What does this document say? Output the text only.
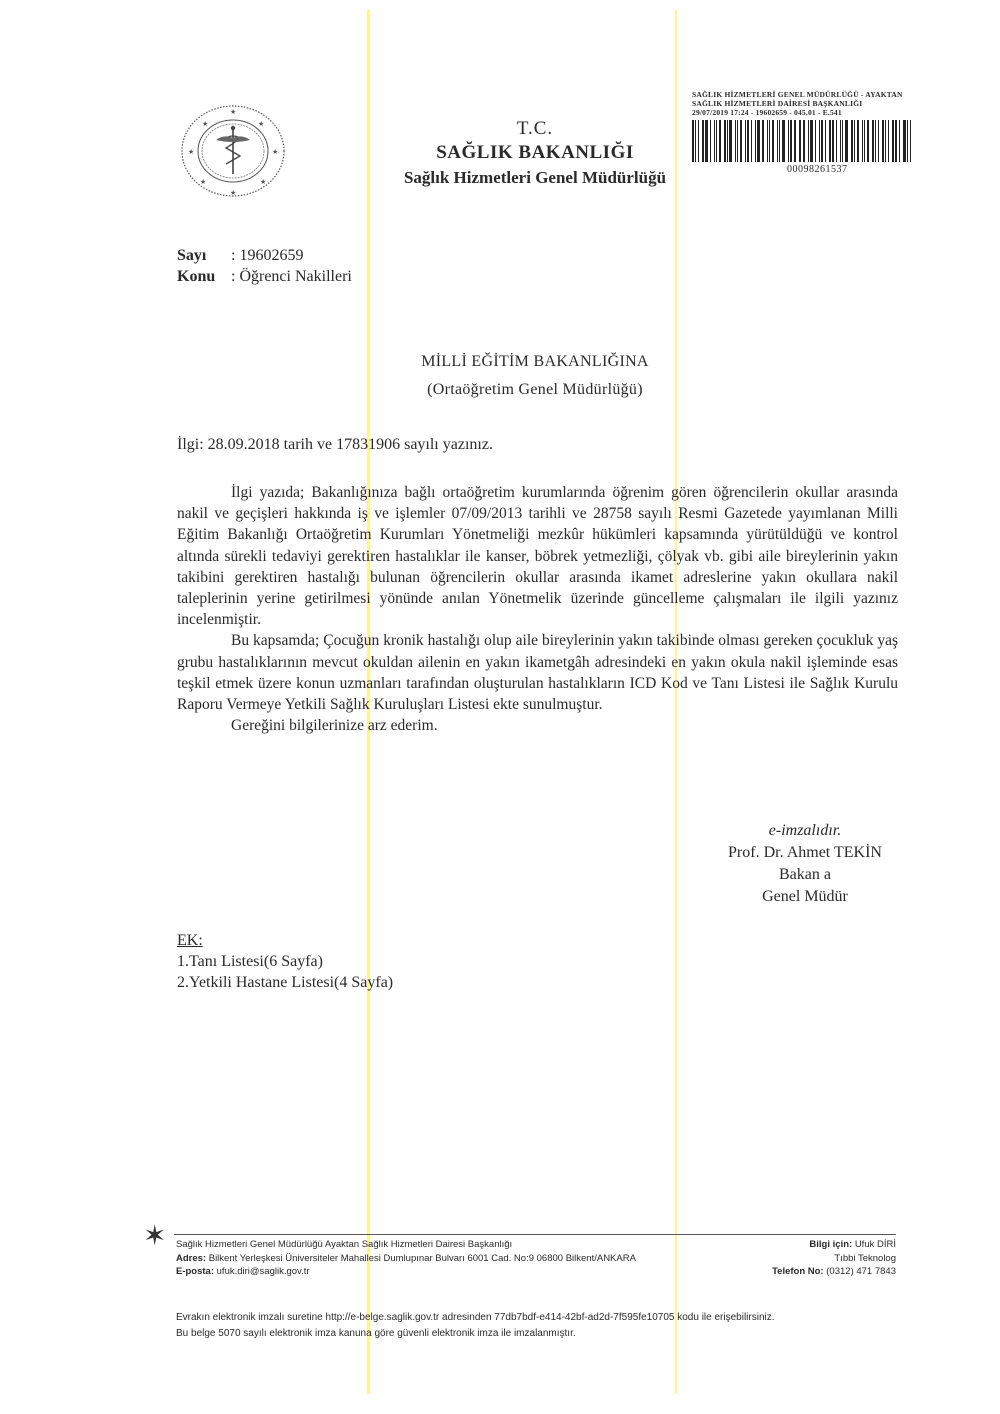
★
★	★
★	★
★	★
★
T.C.
SAĞLIK BAKANLIĞI
Sağlık Hizmetleri Genel Müdürlüğü
SAĞLIK HİZMETLERİ GENEL MÜDÜRLÜĞÜ - AYAKTAN
SAĞLIK HİZMETLERİ DAİRESİ BAŞKANLIĞI
29/07/2019 17:24 - 19602659 - 045.01 - E.541
00098261537
Sayı : 19602659
Konu : Öğrenci Nakilleri
MİLLİ EĞİTİM BAKANLIĞINA
(Ortaöğretim Genel Müdürlüğü)
İlgi: 28.09.2018 tarih ve 17831906 sayılı yazınız.

İlgi yazıda; Bakanlığınıza bağlı ortaöğretim kurumlarında öğrenim gören öğrencilerin okullar arasında nakil ve geçişleri hakkında iş ve işlemler 07/09/2013 tarihli ve 28758 sayılı Resmi Gazetede yayımlanan Milli Eğitim Bakanlığı Ortaöğretim Kurumları Yönetmeliği mezkûr hükümleri kapsamında yürütüldüğü ve kontrol altında sürekli tedaviyi gerektiren hastalıklar ile kanser, böbrek yetmezliği, çölyak vb. gibi aile bireylerinin yakın takibini gerektiren hastalığı bulunan öğrencilerin okullar arasında ikamet adreslerine yakın okullara nakil taleplerinin yerine getirilmesi yönünde anılan Yönetmelik üzerinde güncelleme çalışmaları ile ilgili yazınız incelenmiştir.

Bu kapsamda; Çocuğun kronik hastalığı olup aile bireylerinin yakın takibinde olması gereken çocukluk yaş grubu hastalıklarının mevcut okuldan ailenin en yakın ikametgâh adresindeki en yakın okula nakil işleminde esas teşkil etmek üzere konun uzmanları tarafından oluşturulan hastalıkların ICD Kod ve Tanı Listesi ile Sağlık Kurulu Raporu Vermeye Yetkili Sağlık Kuruluşları Listesi ekte sunulmuştur.

Gereğini bilgilerinize arz ederim.

e-imzalıdır.
Prof. Dr. Ahmet TEKİN
Bakan a
Genel Müdür
EK:
1.Tanı Listesi(6 Sayfa)
2.Yetkili Hastane Listesi(4 Sayfa)
✶ Sağlık Hizmetleri Genel Müdürlüğü Ayaktan Sağlık Hizmetleri Dairesi Başkanlığı
Adres: Bilkent Yerleşkesi Üniversiteler Mahallesi Dumlupınar Bulvarı 6001 Cad. No:9 06800 Bilkent/ANKARA
E-posta: ufuk.diri@saglik.gov.tr
Bilgi için: Ufuk DİRİ
Tıbbi Teknolog
Telefon No: (0312) 471 7843
Evrakın elektronik imzalı suretine http://e-belge.saglik.gov.tr adresinden 77db7bdf-e414-42bf-ad2d-7f595fe10705 kodu ile erişebilirsiniz.
Bu belge 5070 sayılı elektronik imza kanuna göre güvenli elektronik imza ile imzalanmıştır.
